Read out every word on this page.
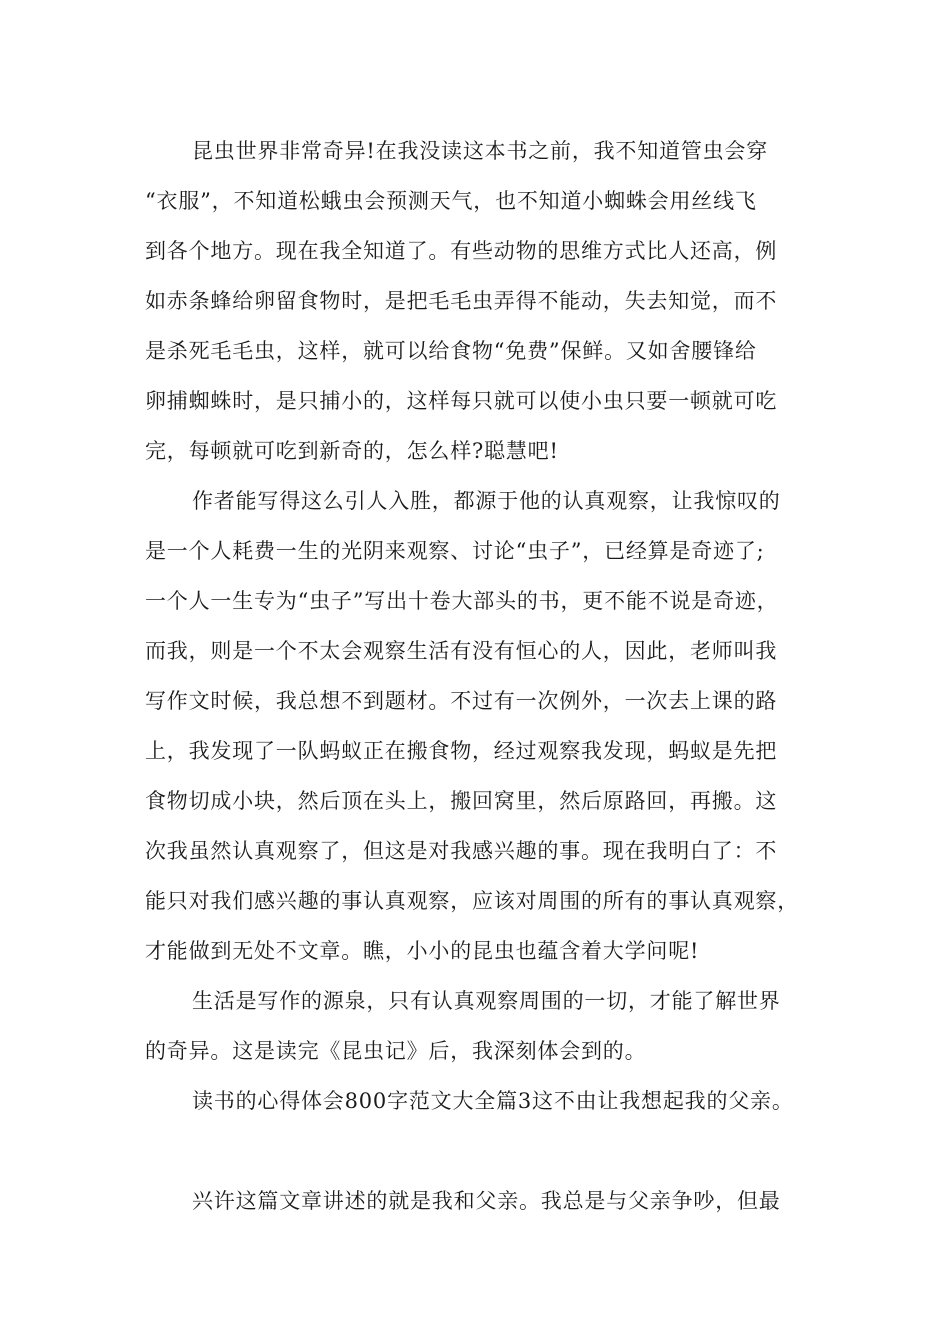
昆虫世界非常奇异!在我没读这本书之前，我不知道管虫会穿
“衣服”，不知道松蛾虫会预测天气，也不知道小蜘蛛会用丝线飞
到各个地方。现在我全知道了。有些动物的思维方式比人还高，例
如赤条蜂给卵留食物时，是把毛毛虫弄得不能动，失去知觉，而不
是杀死毛毛虫，这样，就可以给食物“免费”保鲜。又如舍腰锋给
卵捕蜘蛛时，是只捕小的，这样每只就可以使小虫只要一顿就可吃
完，每顿就可吃到新奇的，怎么样?聪慧吧!
作者能写得这么引人入胜，都源于他的认真观察，让我惊叹的
是一个人耗费一生的光阴来观察、讨论“虫子”，已经算是奇迹了;
一个人一生专为“虫子”写出十卷大部头的书，更不能不说是奇迹，
而我，则是一个不太会观察生活有没有恒心的人，因此，老师叫我
写作文时候，我总想不到题材。不过有一次例外，一次去上课的路
上，我发现了一队蚂蚁正在搬食物，经过观察我发现，蚂蚁是先把
食物切成小块，然后顶在头上，搬回窝里，然后原路回，再搬。这
次我虽然认真观察了，但这是对我感兴趣的事。现在我明白了：不
能只对我们感兴趣的事认真观察，应该对周围的所有的事认真观察，
才能做到无处不文章。瞧，小小的昆虫也蕴含着大学问呢!
生活是写作的源泉，只有认真观察周围的一切，才能了解世界
的奇异。这是读完《昆虫记》后，我深刻体会到的。
读书的心得体会800字范文大全篇3这不由让我想起我的父亲。
兴许这篇文章讲述的就是我和父亲。我总是与父亲争吵，但最
